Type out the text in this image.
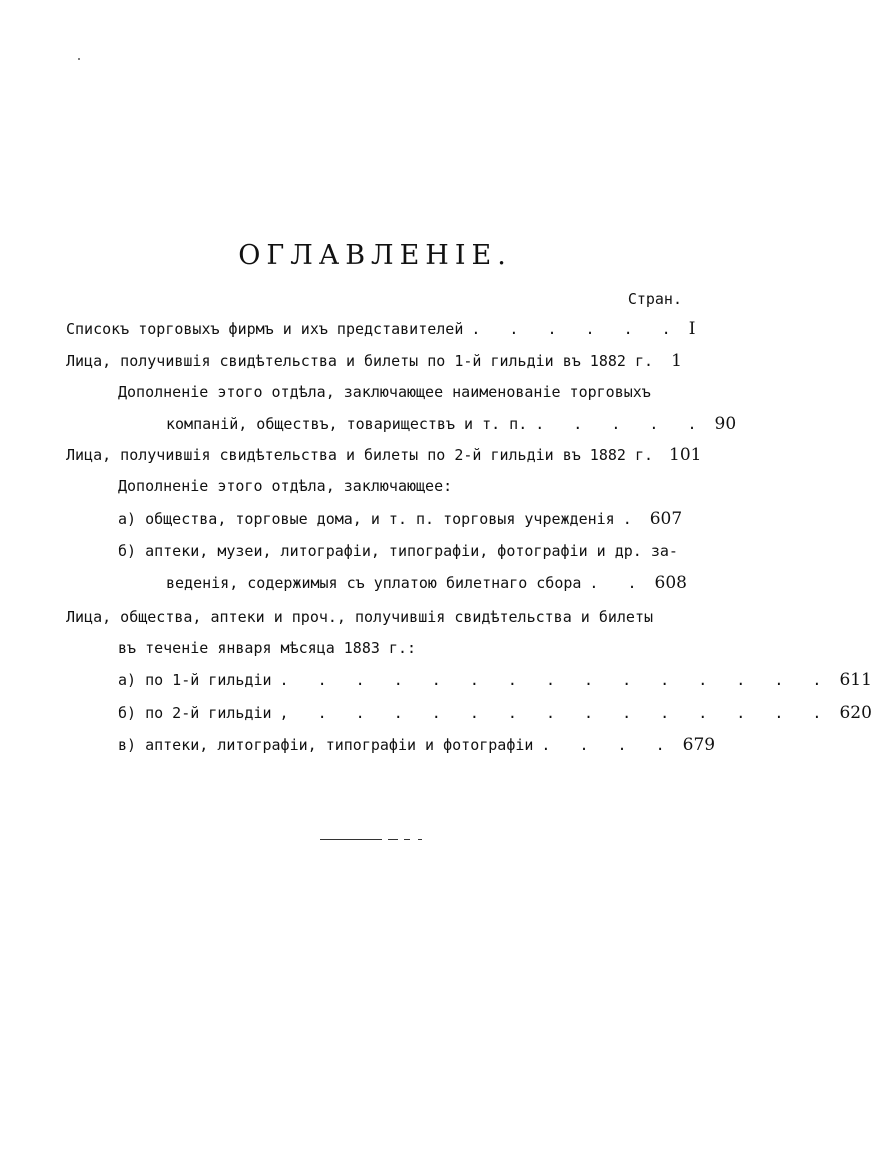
ОГЛАВЛЕНІЕ.
Стран.
Списокъ торговыхъ фирмъ и ихъ представителей . . . . . . I
Лица, получившія свидѣтельства и билеты по 1-й гильдіи въ 1882 г. 1
Дополненіе этого отдѣла, заключающее наименованіе торговыхъ
компаній, обществъ, товариществъ и т. п. . . . . . 90
Лица, получившія свидѣтельства и билеты по 2-й гильдіи въ 1882 г. 101
Дополненіе этого отдѣла, заключающее:
а) общества, торговые дома, и т. п. торговыя учрежденія . 607
б) аптеки, музеи, литографіи, типографіи, фотографіи и др. за-
веденія, содержимыя съ уплатою билетнаго сбора . . 608
Лица, общества, аптеки и проч., получившія свидѣтельства и билеты
въ теченіе января мѣсяца 1883 г.:
а) по 1-й гильдіи . . . . . . . . . . . . . . . 611
б) по 2-й гильдіи , . . . . . . . . . . . . . . 620
в) аптеки, литографіи, типографіи и фотографіи . . . . 679
